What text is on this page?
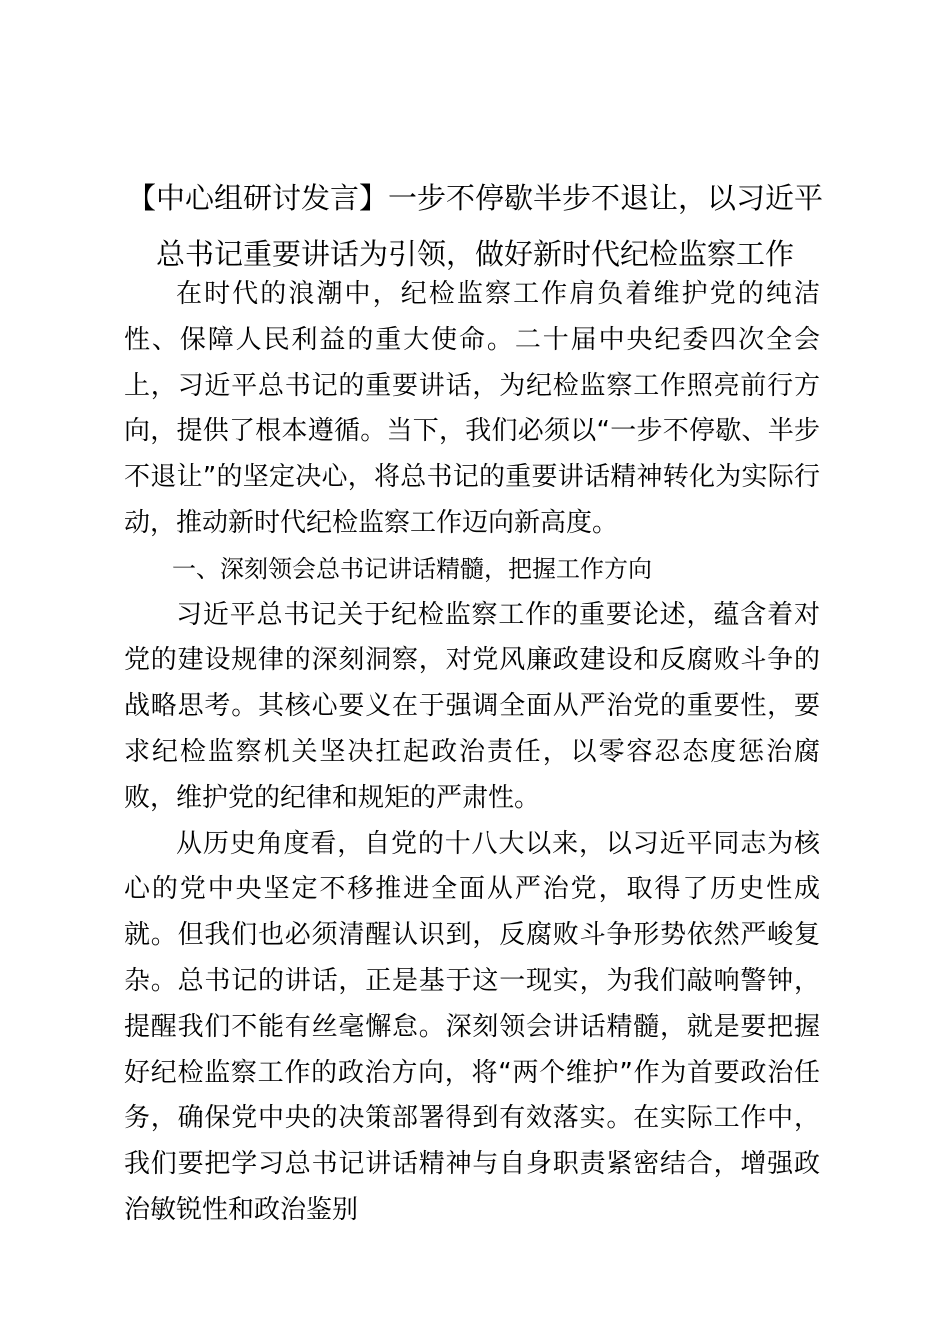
【中心组研讨发言】一步不停歇半步不退让，以习近平总书记重要讲话为引领，做好新时代纪检监察工作

在时代的浪潮中，纪检监察工作肩负着维护党的纯洁性、保障人民利益的重大使命。二十届中央纪委四次全会上，习近平总书记的重要讲话，为纪检监察工作照亮前行方向，提供了根本遵循。当下，我们必须以“一步不停歇、半步不退让”的坚定决心，将总书记的重要讲话精神转化为实际行动，推动新时代纪检监察工作迈向新高度。

一、深刻领会总书记讲话精髓，把握工作方向

习近平总书记关于纪检监察工作的重要论述，蕴含着对党的建设规律的深刻洞察，对党风廉政建设和反腐败斗争的战略思考。其核心要义在于强调全面从严治党的重要性，要求纪检监察机关坚决扛起政治责任，以零容忍态度惩治腐败，维护党的纪律和规矩的严肃性。

从历史角度看，自党的十八大以来，以习近平同志为核心的党中央坚定不移推进全面从严治党，取得了历史性成就。但我们也必须清醒认识到，反腐败斗争形势依然严峻复杂。总书记的讲话，正是基于这一现实，为我们敲响警钟，提醒我们不能有丝毫懈怠。深刻领会讲话精髓，就是要把握好纪检监察工作的政治方向，将“两个维护”作为首要政治任务，确保党中央的决策部署得到有效落实。在实际工作中，我们要把学习总书记讲话精神与自身职责紧密结合，增强政治敏锐性和政治鉴别
